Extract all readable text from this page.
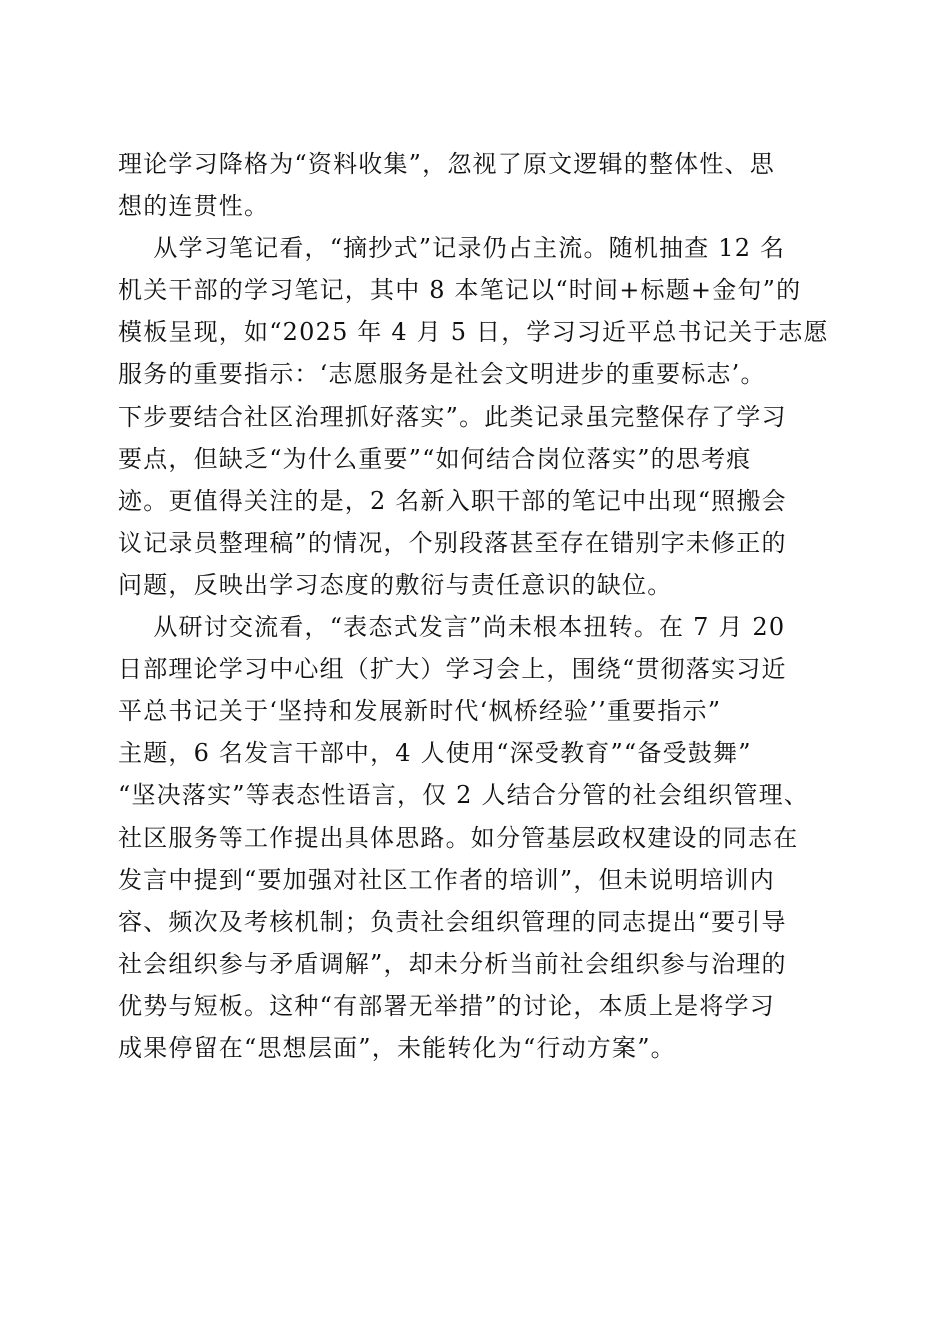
理论学习降格为“资料收集”，忽视了原文逻辑的整体性、思
想的连贯性。
从学习笔记看，“摘抄式”记录仍占主流。随机抽查 12 名
机关干部的学习笔记，其中 8 本笔记以“时间+标题+金句”的
模板呈现，如“2025 年 4 月 5 日，学习习近平总书记关于志愿
服务的重要指示：‘志愿服务是社会文明进步的重要标志’。
下步要结合社区治理抓好落实”。此类记录虽完整保存了学习
要点，但缺乏“为什么重要”“如何结合岗位落实”的思考痕
迹。更值得关注的是，2 名新入职干部的笔记中出现“照搬会
议记录员整理稿”的情况，个别段落甚至存在错别字未修正的
问题，反映出学习态度的敷衍与责任意识的缺位。
从研讨交流看，“表态式发言”尚未根本扭转。在 7 月 20
日部理论学习中心组（扩大）学习会上，围绕“贯彻落实习近
平总书记关于‘坚持和发展新时代‘枫桥经验’’重要指示”
主题，6 名发言干部中，4 人使用“深受教育”“备受鼓舞”
“坚决落实”等表态性语言，仅 2 人结合分管的社会组织管理、
社区服务等工作提出具体思路。如分管基层政权建设的同志在
发言中提到“要加强对社区工作者的培训”，但未说明培训内
容、频次及考核机制；负责社会组织管理的同志提出“要引导
社会组织参与矛盾调解”，却未分析当前社会组织参与治理的
优势与短板。这种“有部署无举措”的讨论，本质上是将学习
成果停留在“思想层面”，未能转化为“行动方案”。
